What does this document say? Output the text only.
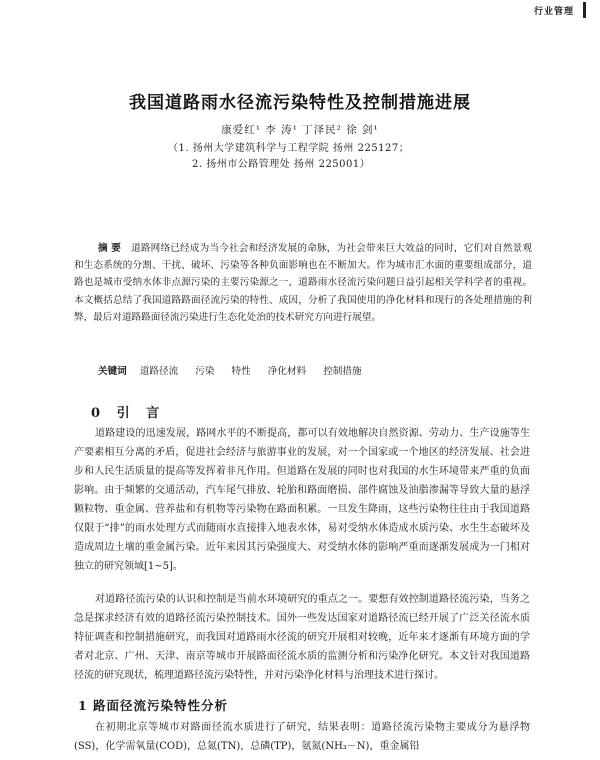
行业管理
我国道路雨水径流污染特性及控制措施进展
康爱红¹ 李 涛¹ 丁泽民² 徐 剑¹
（1. 扬州大学建筑科学与工程学院 扬州 225127；
2. 扬州市公路管理处 扬州 225001）
摘 要 道路网络已经成为当今社会和经济发展的命脉，为社会带来巨大效益的同时，它们对自然景观和生态系统的分割、干扰、破坏、污染等各种负面影响也在不断加大。作为城市汇水面的重要组成部分，道路也是城市受纳水体非点源污染的主要污染源之一，道路雨水径流污染问题日益引起相关学科学者的重视。本文概括总结了我国道路路面径流污染的特性、成因，分析了我国使用的净化材料和现行的各处理措施的利弊，最后对道路路面径流污染进行生态化处治的技术研究方向进行展望。
关键词 道路径流 污染 特性 净化材料 控制措施
0 引 言
道路建设的迅速发展，路网水平的不断提高，都可以有效地解决自然资源、劳动力、生产设施等生产要素相互分离的矛盾，促进社会经济与旅游事业的发展，对一个国家或一个地区的经济发展、社会进步和人民生活质量的提高等发挥着非凡作用。但道路在发展的同时也对我国的水生环境带来严重的负面影响。由于频繁的交通活动，汽车尾气排放、轮胎和路面磨损、部件腐蚀及油脂渗漏等导致大量的悬浮颗粒物、重金属、营养盐和有机物等污染物在路面积累。一旦发生降雨，这些污染物往往由于我国道路仅限于“排”的雨水处理方式而随雨水直接排入地表水体，易对受纳水体造成水质污染、水生生态破坏及造成周边土壤的重金属污染。近年来因其污染强度大、对受纳水体的影响严重而逐渐发展成为一门相对独立的研究领域[1~5]。
对道路径流污染的认识和控制是当前水环境研究的重点之一。要想有效控制道路径流污染，当务之急是探求经济有效的道路径流污染控制技术。国外一些发达国家对道路径流已经开展了广泛关径流水质特征调查和控制措施研究，而我国对道路雨水径流的研究开展相对较晚，近年来才逐渐有环境方面的学者对北京、广州、天津、南京等城市开展路面径流水质的监测分析和污染净化研究。本文针对我国道路径流的研究现状，梳理道路径流污染特性，并对污染净化材料与治理技术进行探讨。
1 路面径流污染特性分析
在初期北京等城市对路面径流水质进行了研究，结果表明：道路径流污染物主要成分为悬浮物(SS)，化学需氧量(COD)，总氮(TN)，总磷(TP)，氨氮(NH₃－N)，重金属铅
